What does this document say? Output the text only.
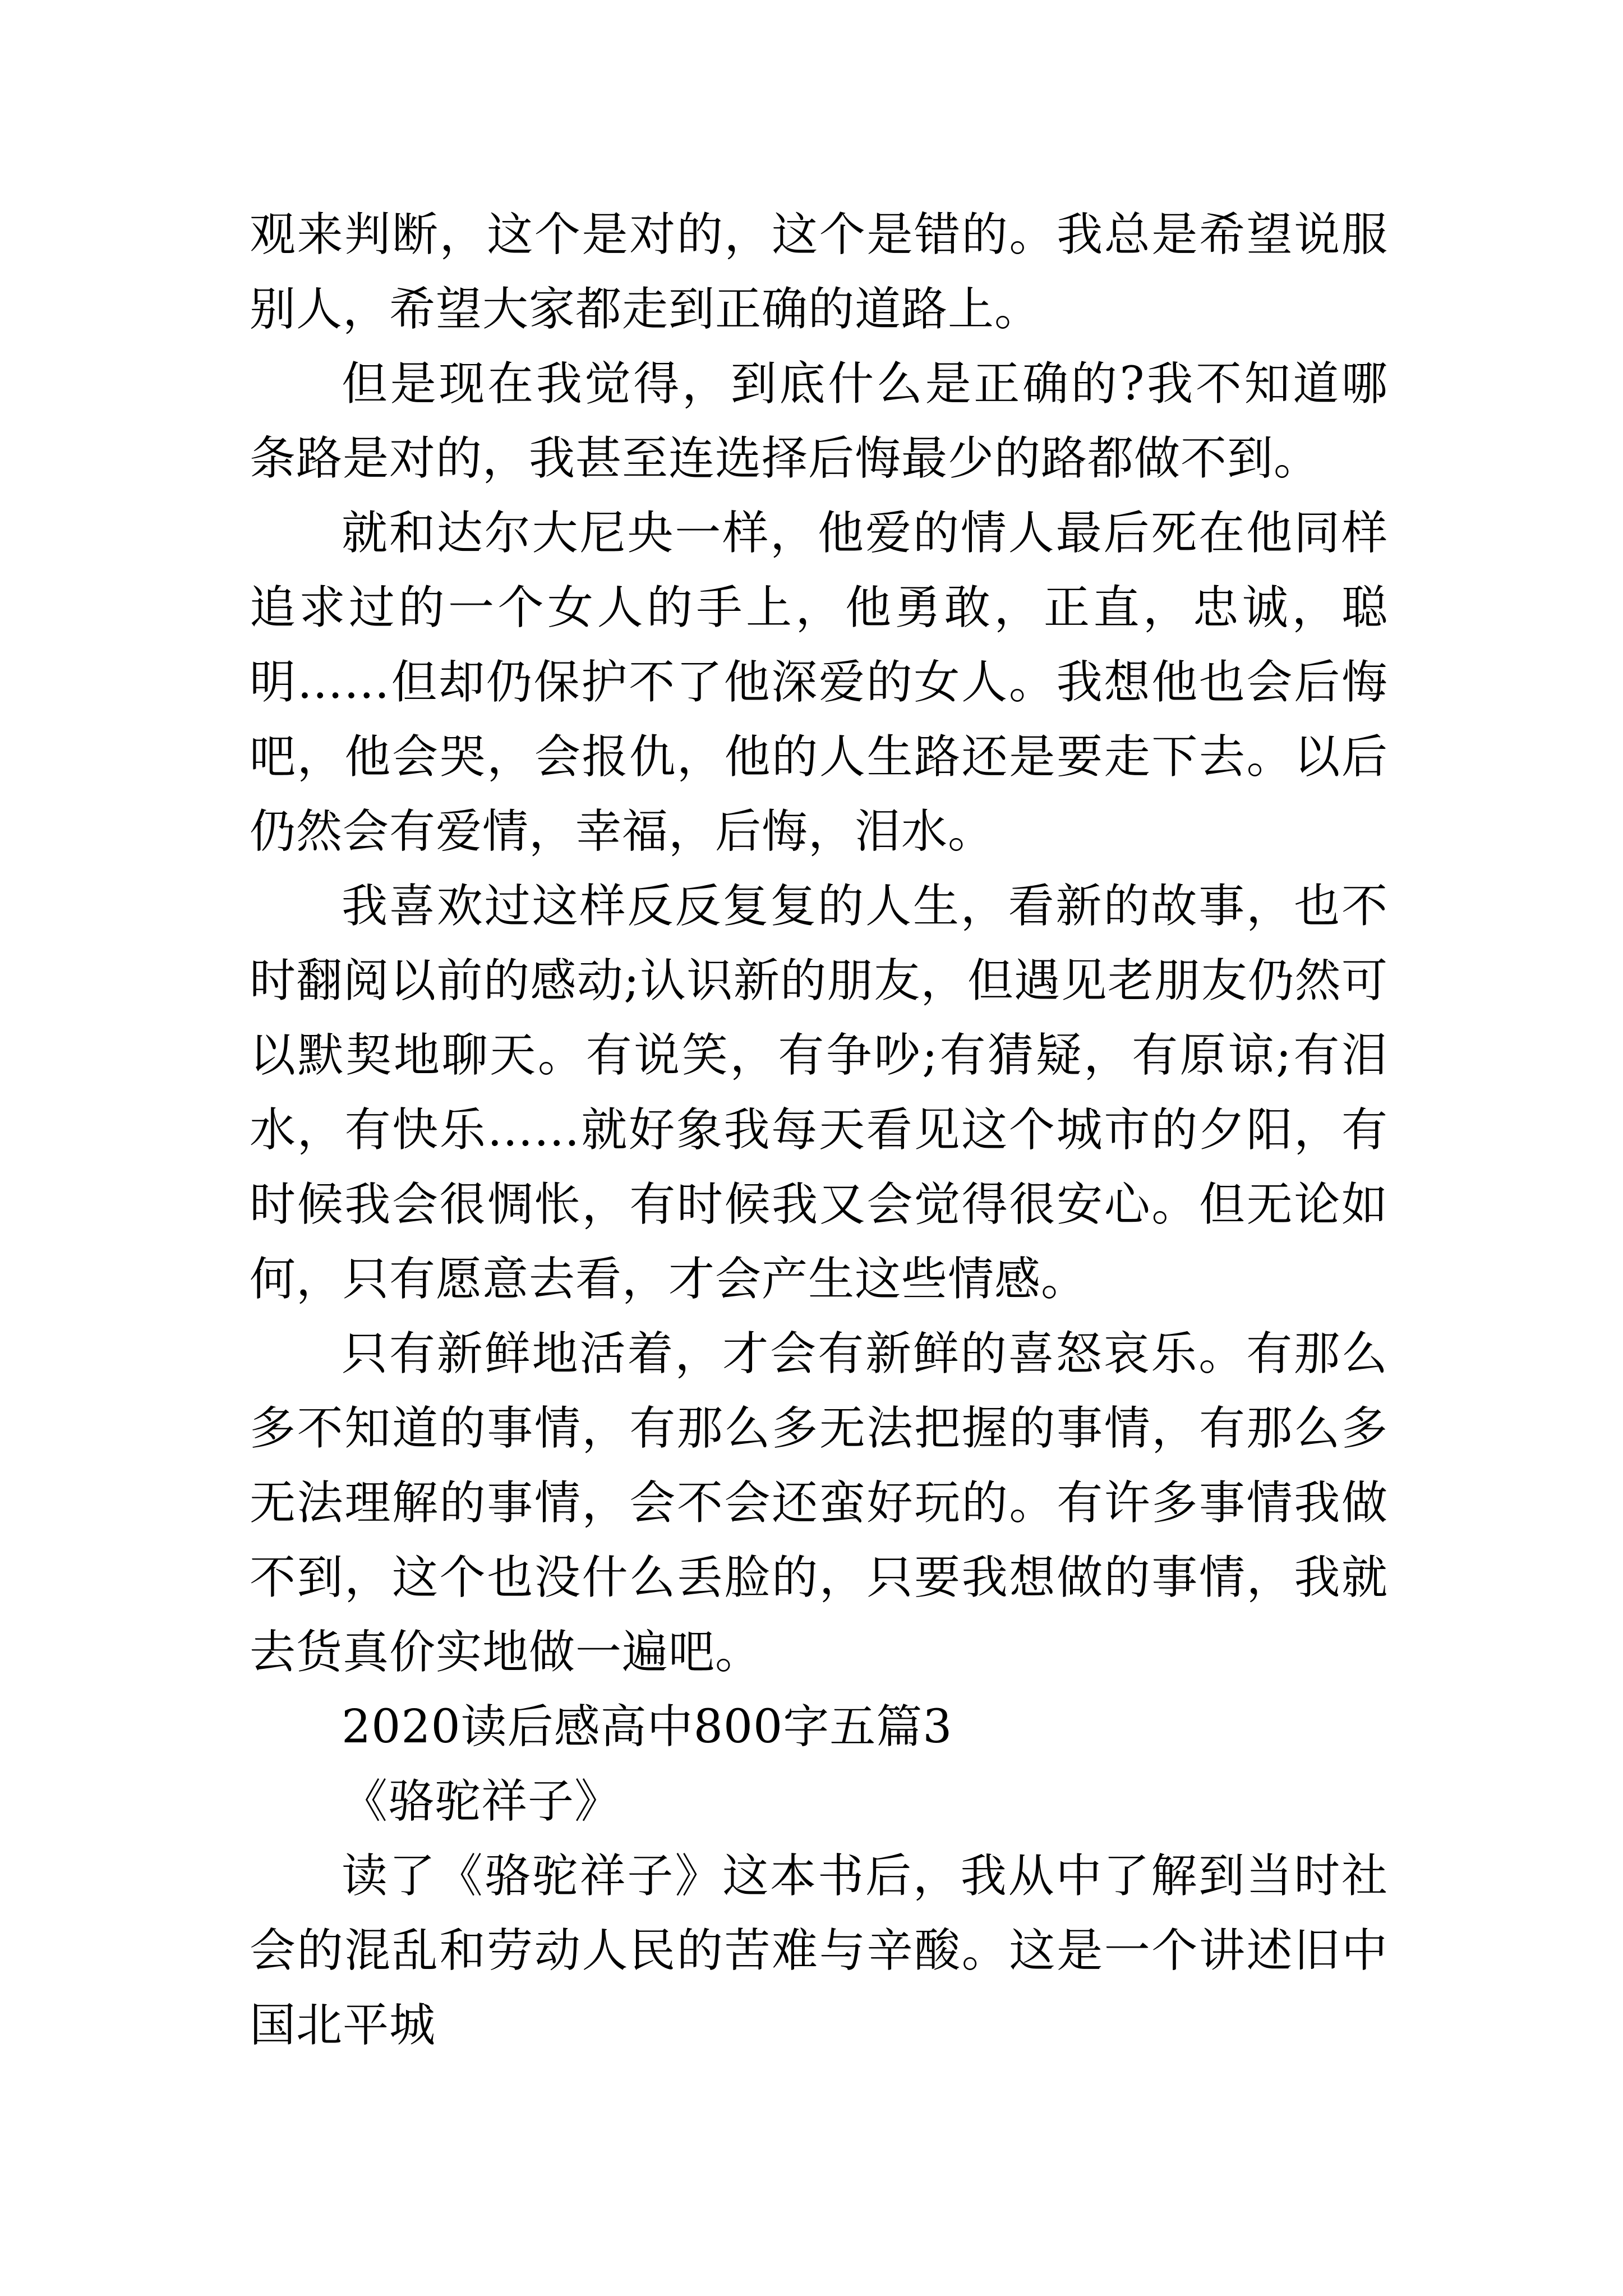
观来判断，这个是对的，这个是错的。我总是希望说服别人，希望大家都走到正确的道路上。

但是现在我觉得，到底什么是正确的?我不知道哪条路是对的，我甚至连选择后悔最少的路都做不到。

就和达尔大尼央一样，他爱的情人最后死在他同样追求过的一个女人的手上，他勇敢，正直，忠诚，聪明……但却仍保护不了他深爱的女人。我想他也会后悔吧，他会哭，会报仇，他的人生路还是要走下去。以后仍然会有爱情，幸福，后悔，泪水。

我喜欢过这样反反复复的人生，看新的故事，也不时翻阅以前的感动;认识新的朋友，但遇见老朋友仍然可以默契地聊天。有说笑，有争吵;有猜疑，有原谅;有泪水，有快乐……就好象我每天看见这个城市的夕阳，有时候我会很惆怅，有时候我又会觉得很安心。但无论如何，只有愿意去看，才会产生这些情感。

只有新鲜地活着，才会有新鲜的喜怒哀乐。有那么多不知道的事情，有那么多无法把握的事情，有那么多无法理解的事情，会不会还蛮好玩的。有许多事情我做不到，这个也没什么丢脸的，只要我想做的事情，我就去货真价实地做一遍吧。

2020读后感高中800字五篇3

《骆驼祥子》

读了《骆驼祥子》这本书后，我从中了解到当时社会的混乱和劳动人民的苦难与辛酸。这是一个讲述旧中国北平城
